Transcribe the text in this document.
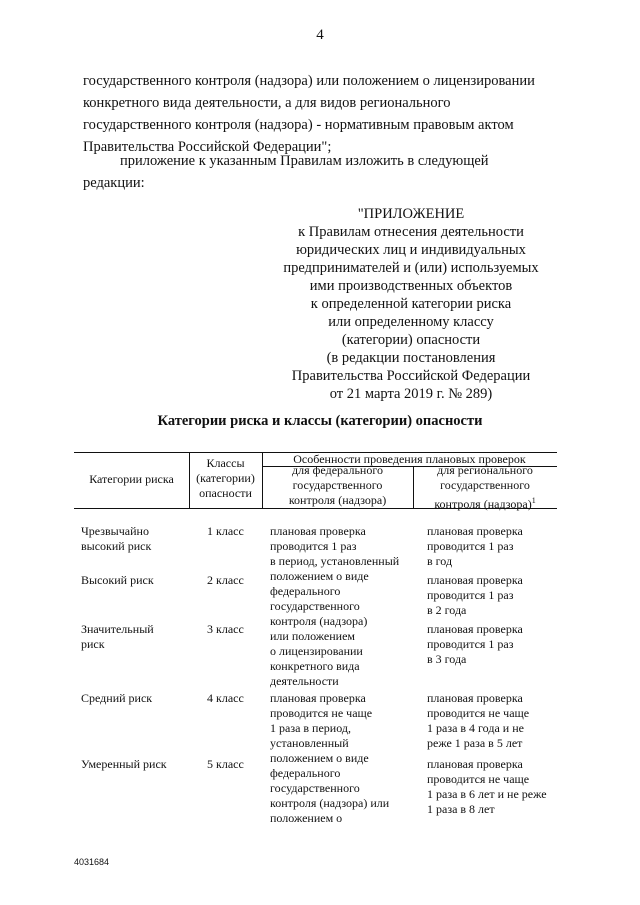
4
государственного контроля (надзора) или положением о лицензировании
конкретного вида деятельности, а для видов регионального
государственного контроля (надзора) - нормативным правовым актом
Правительства Российской Федерации";
приложение к указанным Правилам изложить в следующей
редакции:
"ПРИЛОЖЕНИЕ
к Правилам отнесения деятельности
юридических лиц и индивидуальных
предпринимателей и (или) используемых
ими производственных объектов
к определенной категории риска
или определенному классу
(категории) опасности
(в редакции постановления
Правительства Российской Федерации
от 21 марта 2019 г. № 289)
Категории риска и классы (категории) опасности
Категории риска
Классы
(категории)
опасности
Особенности проведения плановых проверок
для федерального
государственного
контроля (надзора)
для регионального
государственного
контроля (надзора)$^1$
Чрезвычайно
высокий риск
Высокий риск
Значительный
риск
Средний риск
Умеренный риск
1 класс
2 класс
3 класс
4 класс
5 класс
плановая проверка
проводится 1 раз
в период, установленный
положением о виде
федерального
государственного
контроля (надзора)
или положением
о лицензировании
конкретного вида
деятельности
плановая проверка
проводится не чаще
1 раза в период,
установленный
положением о виде
федерального
государственного
контроля (надзора) или
положением о
плановая проверка
проводится 1 раз
в год
плановая проверка
проводится 1 раз
в 2 года
плановая проверка
проводится 1 раз
в 3 года
плановая проверка
проводится не чаще
1 раза в 4 года и не
реже 1 раза в 5 лет
плановая проверка
проводится не чаще
1 раза в 6 лет и не реже
1 раза в 8 лет
4031684
